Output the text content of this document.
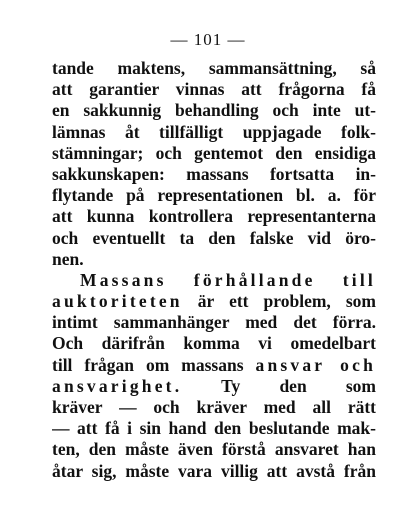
— 101 —
tande maktens, sammansättning, så
att garantier vinnas att frågorna få
en sakkunnig behandling och inte ut-
lämnas åt tillfälligt uppjagade folk-
stämningar; och gentemot den ensidiga
sakkunskapen: massans fortsatta in-
flytande på representationen bl. a. för
att kunna kontrollera representanterna
och eventuellt ta den falske vid öro-
nen.
Massans förhållande till
auktoriteten är ett problem, som
intimt sammanhänger med det förra.
Och därifrån komma vi omedelbart
till frågan om massans ansvar och
ansvarighet. Ty den som
kräver — och kräver med all rätt
— att få i sin hand den beslutande mak-
ten, den måste även förstå ansvaret han
åtar sig, måste vara villig att avstå från
